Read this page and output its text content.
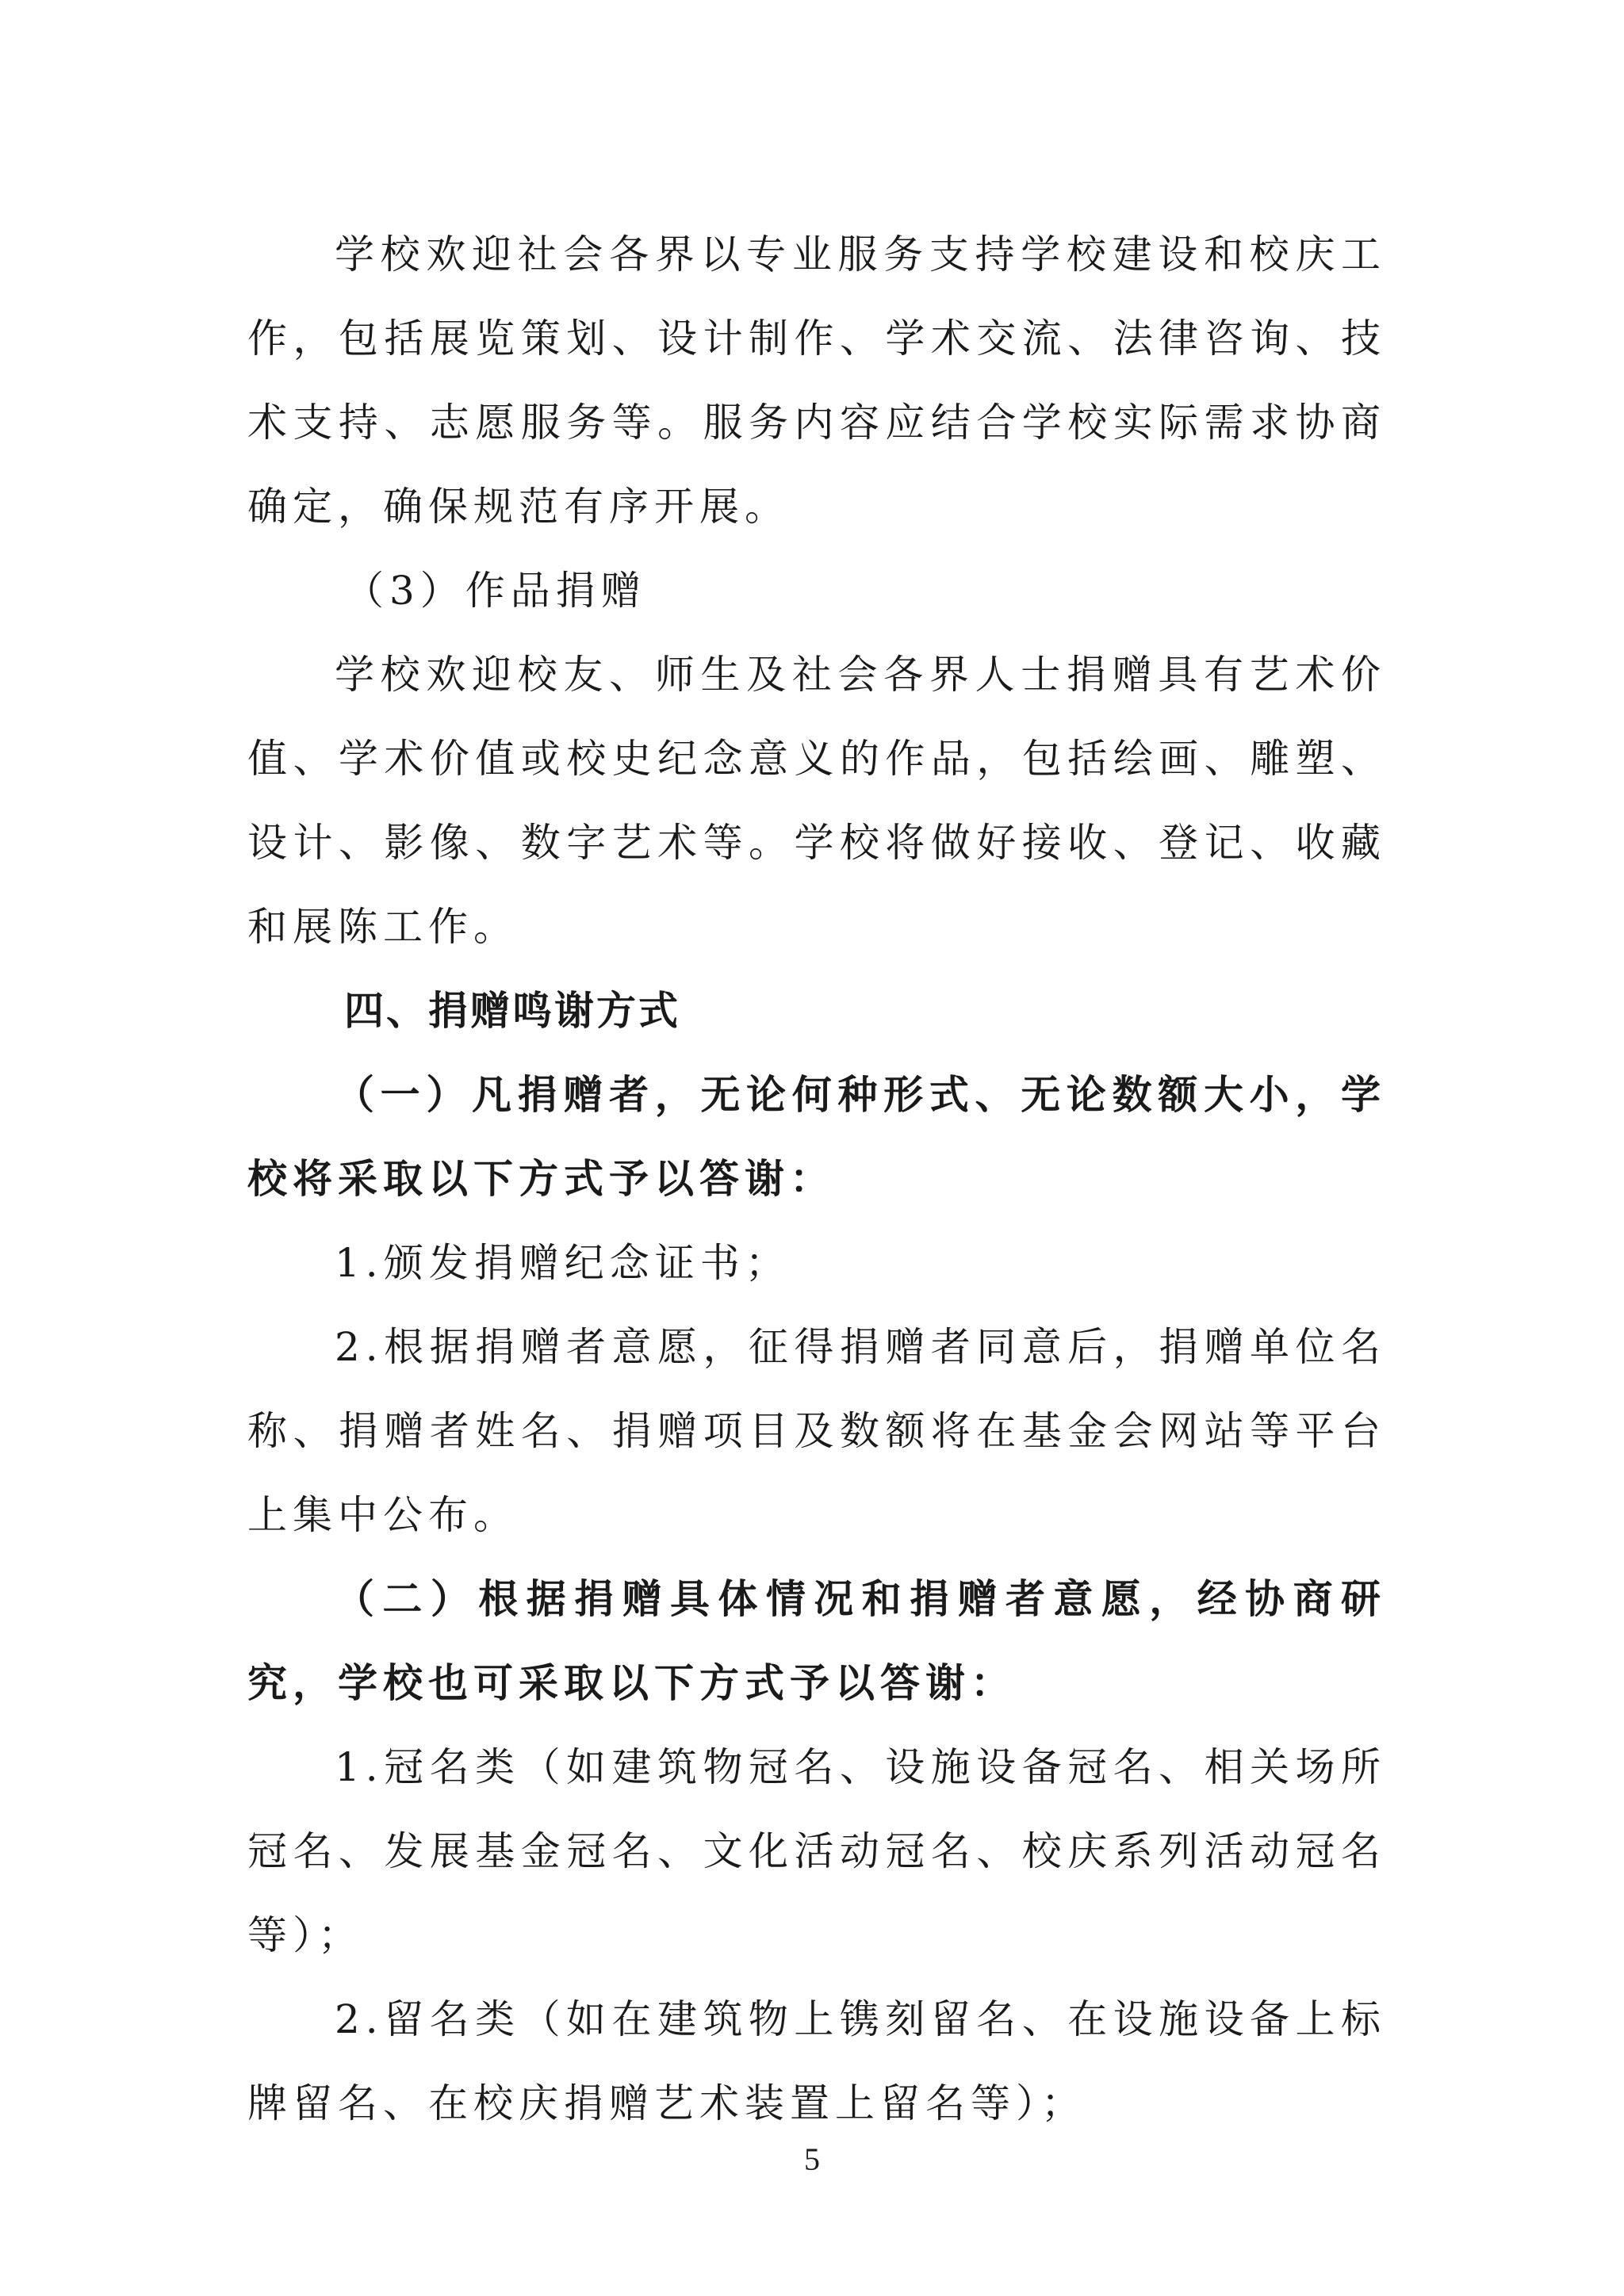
学校欢迎社会各界以专业服务支持学校建设和校庆工作，包括展览策划、设计制作、学术交流、法律咨询、技术支持、志愿服务等。服务内容应结合学校实际需求协商确定，确保规范有序开展。

（3）作品捐赠

学校欢迎校友、师生及社会各界人士捐赠具有艺术价值、学术价值或校史纪念意义的作品，包括绘画、雕塑、设计、影像、数字艺术等。学校将做好接收、登记、收藏和展陈工作。

四、捐赠鸣谢方式

（一）凡捐赠者，无论何种形式、无论数额大小，学校将采取以下方式予以答谢：

1.颁发捐赠纪念证书；

2.根据捐赠者意愿，征得捐赠者同意后，捐赠单位名称、捐赠者姓名、捐赠项目及数额将在基金会网站等平台上集中公布。

（二）根据捐赠具体情况和捐赠者意愿，经协商研究，学校也可采取以下方式予以答谢：

1.冠名类（如建筑物冠名、设施设备冠名、相关场所冠名、发展基金冠名、文化活动冠名、校庆系列活动冠名等）；

2.留名类（如在建筑物上镌刻留名、在设施设备上标牌留名、在校庆捐赠艺术装置上留名等）；

5
